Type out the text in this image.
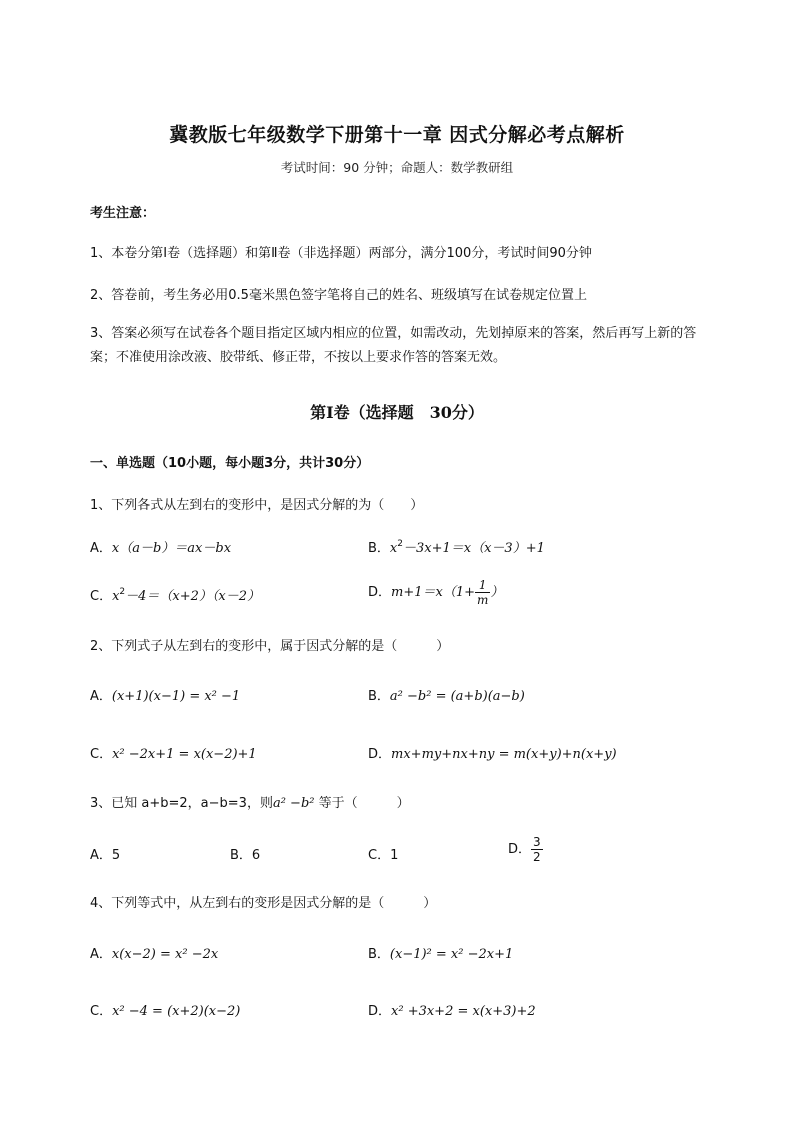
冀教版七年级数学下册第十一章 因式分解必考点解析
考试时间：90 分钟；命题人：数学教研组
考生注意：
1、本卷分第Ⅰ卷（选择题）和第Ⅱ卷（非选择题）两部分，满分100分，考试时间90分钟
2、答卷前，考生务必用0.5毫米黑色签字笔将自己的姓名、班级填写在试卷规定位置上
3、答案必须写在试卷各个题目指定区域内相应的位置，如需改动，先划掉原来的答案，然后再写上新的答案；不准使用涂改液、胶带纸、修正带，不按以上要求作答的答案无效。
第Ⅰ卷（选择题　30分）
一、单选题（10小题，每小题3分，共计30分）
1、下列各式从左到右的变形中，是因式分解的为（　　）
A．x（a－b）＝ax－bx	B．$x^2-3x+1=x(x-3)+1$
C．$x^2-4=(x+2)(x-2)$	D．$m+1=x(1+ \frac{1}{m}$ ）
2、下列式子从左到右的变形中，属于因式分解的是（　　　）
A．(x+1)(x−1) = x² −1	B．a² −b² = (a+b)(a−b)
C．x² −2x+1 = x(x−2)+1	D．mx+my+nx+ny = m(x+y)+n(x+y)
3、已知 a+b=2，a−b=3，则a² −b² 等于（　　　）
A．5	B．6	C．1	D． $\frac{3}{2}$
4、下列等式中，从左到右的变形是因式分解的是（　　　）
A．x(x−2) = x² −2x	B．(x−1)² = x² −2x+1
C．x² −4 = (x+2)(x−2)	D．x² +3x+2 = x(x+3)+2
